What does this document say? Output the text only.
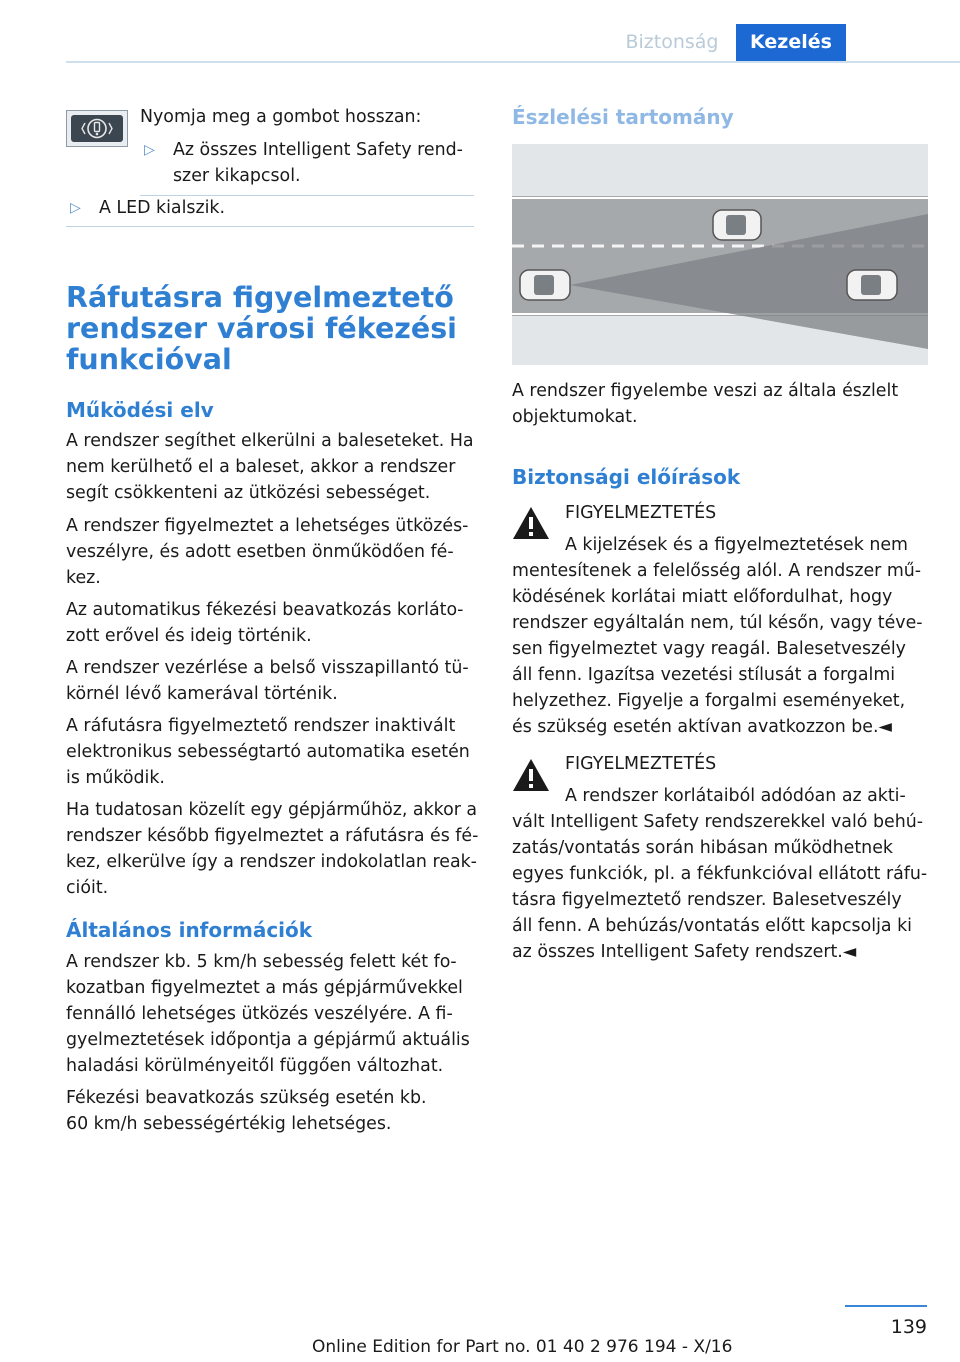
Biztonság	Kezelés

Nyomja meg a gombot hosszan:

▷ Az összes Intelligent Safety rend‐

szer kikapcsol.

▷ A LED kialszik.

Ráfutásra figyelmeztető

rendszer városi fékezési

funkcióval

Működési elv

A rendszer segíthet elkerülni a baleseteket. Ha

nem kerülhető el a baleset, akkor a rendszer

segít csökkenteni az ütközési sebességet.

A rendszer figyelmeztet a lehetséges ütközés‐

veszélyre, és adott esetben önműködően fé‐

kez.

Az automatikus fékezési beavatkozás korláto‐

zott erővel és ideig történik.

A rendszer vezérlése a belső visszapillantó tü‐

körnél lévő kamerával történik.

A ráfutásra figyelmeztető rendszer inaktivált

elektronikus sebességtartó automatika esetén

is működik.

Ha tudatosan közelít egy gépjárműhöz, akkor a

rendszer később figyelmeztet a ráfutásra és fé‐

kez, elkerülve így a rendszer indokolatlan reak‐

cióit.

Általános információk

A rendszer kb. 5 km/h sebesség felett két fo‐

kozatban figyelmeztet a más gépjárművekkel

fennálló lehetséges ütközés veszélyére. A fi‐

gyelmeztetések időpontja a gépjármű aktuális

haladási körülményeitől függően változhat.

Fékezési beavatkozás szükség esetén kb.

60 km/h sebességértékig lehetséges.

Észlelési tartomány

A rendszer figyelembe veszi az általa észlelt

objektumokat.

Biztonsági előírások

FIGYELMEZTETÉS

A kijelzések és a figyelmeztetések nem

mentesítenek a felelősség alól. A rendszer mű‐

ködésének korlátai miatt előfordulhat, hogy

rendszer egyáltalán nem, túl későn, vagy téve‐

sen figyelmeztet vagy reagál. Balesetveszély

áll fenn. Igazítsa vezetési stílusát a forgalmi

helyzethez. Figyelje a forgalmi eseményeket,

és szükség esetén aktívan avatkozzon be.◄

FIGYELMEZTETÉS

A rendszer korlátaiból adódóan az akti‐

vált Intelligent Safety rendszerekkel való behú‐

zatás/vontatás során hibásan működhetnek

egyes funkciók, pl. a fékfunkcióval ellátott ráfu‐

tásra figyelmeztető rendszer. Balesetveszély

áll fenn. A behúzás/vontatás előtt kapcsolja ki

az összes Intelligent Safety rendszert.◄

139
Online Edition for Part no. 01 40 2 976 194 - X/16
